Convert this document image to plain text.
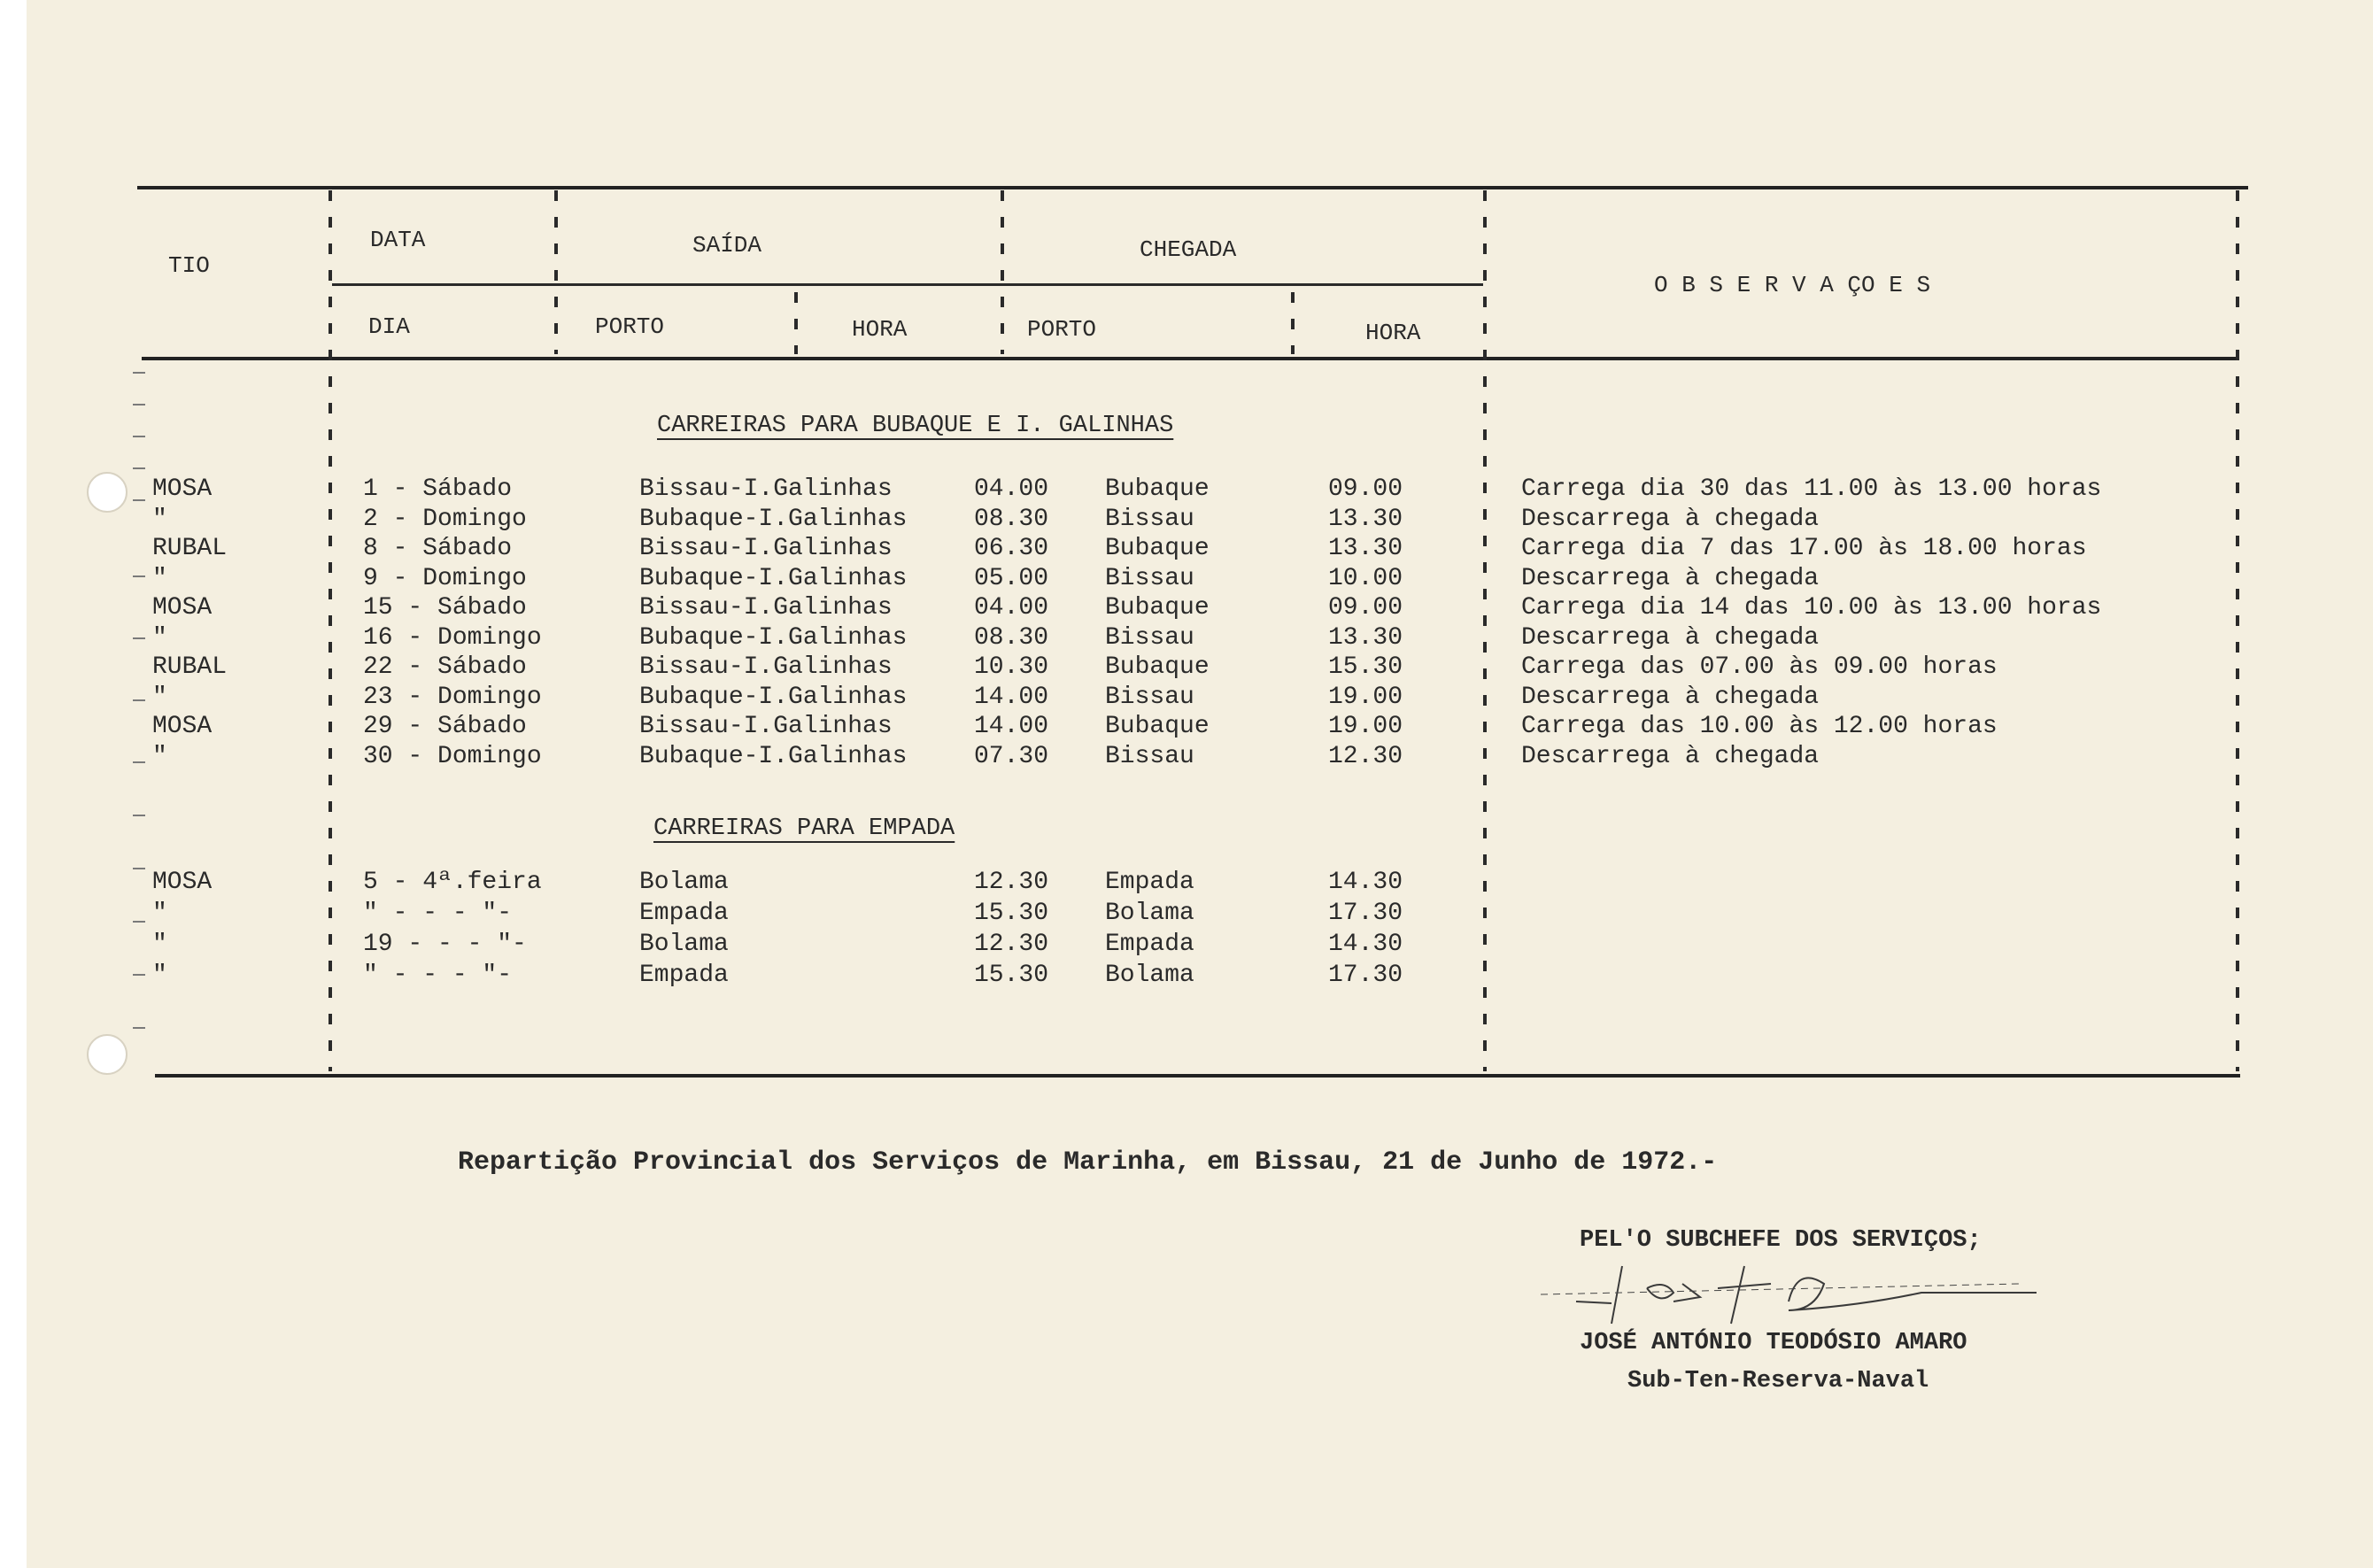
TIO
DATA	SAÍDA	CHEGADA
O B S E R V A ÇO E S
DIA	PORTO	HORA	PORTO	HORA
CARREIRAS PARA BUBAQUE E I. GALINHAS
MOSA	1 - Sábado	Bissau-I.Galinhas	04.00 Bubaque	09.00	Carrega dia 30 das 11.00 às 13.00 horas
"	2 - Domingo	Bubaque-I.Galinhas	08.30 Bissau	13.30	Descarrega à chegada
RUBAL	8 - Sábado	Bissau-I.Galinhas	06.30 Bubaque	13.30	Carrega dia 7 das 17.00 às 18.00 horas
"	9 - Domingo	Bubaque-I.Galinhas	05.00 Bissau	10.00	Descarrega à chegada
MOSA	15 - Sábado	Bissau-I.Galinhas	04.00 Bubaque	09.00	Carrega dia 14 das 10.00 às 13.00 horas
"	16 - Domingo	Bubaque-I.Galinhas	08.30 Bissau	13.30	Descarrega à chegada
RUBAL	22 - Sábado	Bissau-I.Galinhas	10.30 Bubaque	15.30	Carrega das 07.00 às 09.00 horas
"	23 - Domingo	Bubaque-I.Galinhas	14.00 Bissau	19.00	Descarrega à chegada
MOSA	29 - Sábado	Bissau-I.Galinhas	14.00 Bubaque	19.00	Carrega das 10.00 às 12.00 horas
"	30 - Domingo	Bubaque-I.Galinhas	07.30 Bissau	12.30	Descarrega à chegada
CARREIRAS PARA EMPADA
MOSA	5 - 4ª.feira	Bolama	12.30 Empada	14.30
"	" - - - "-	Empada	15.30 Bolama	17.30
"	19 - - - "-	Bolama	12.30 Empada	14.30
"	" - - - "-	Empada	15.30 Bolama	17.30
Repartição Provincial dos Serviços de Marinha, em Bissau, 21 de Junho de 1972.-
PEL'O SUBCHEFE DOS SERVIÇOS;
JOSÉ ANTÓNIO TEODÓSIO AMARO
Sub-Ten-Reserva-Naval
